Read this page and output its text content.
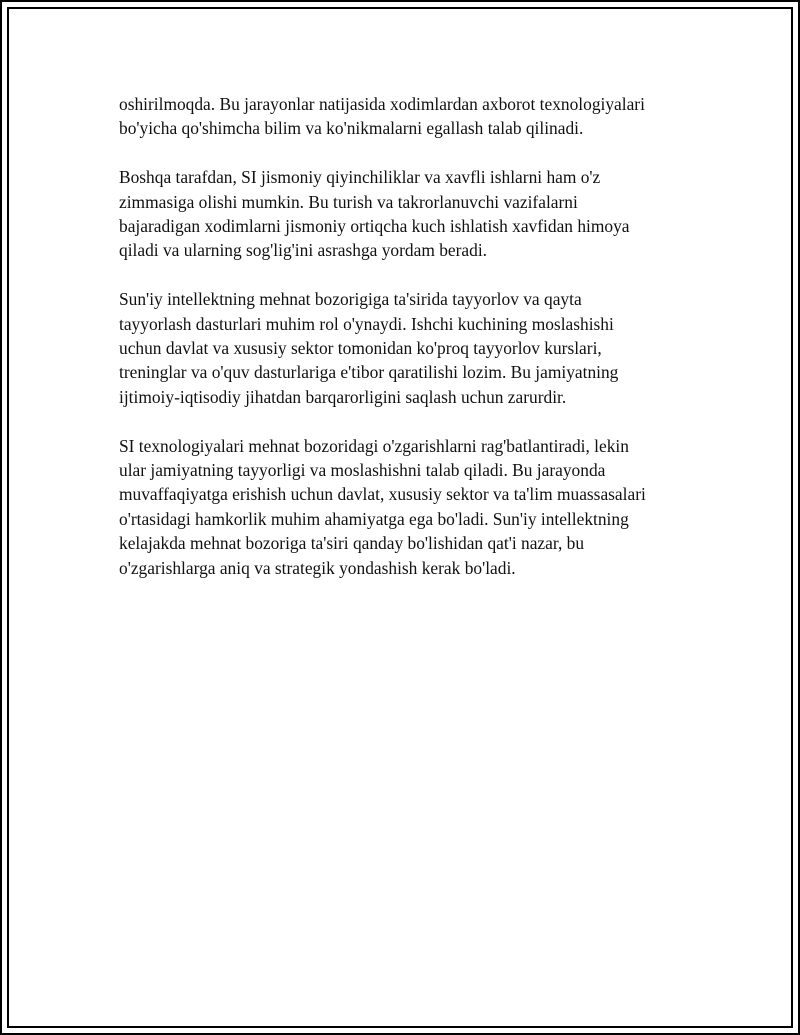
oshirilmoqda. Bu jarayonlar natijasida xodimlardan axborot texnologiyalari
bo'yicha qo'shimcha bilim va ko'nikmalarni egallash talab qilinadi.

Boshqa tarafdan, SI jismoniy qiyinchiliklar va xavfli ishlarni ham o'z
zimmasiga olishi mumkin. Bu turish va takrorlanuvchi vazifalarni
bajaradigan xodimlarni jismoniy ortiqcha kuch ishlatish xavfidan himoya
qiladi va ularning sog'lig'ini asrashga yordam beradi.

Sun'iy intellektning mehnat bozorigiga ta'sirida tayyorlov va qayta
tayyorlash dasturlari muhim rol o'ynaydi. Ishchi kuchining moslashishi
uchun davlat va xususiy sektor tomonidan ko'proq tayyorlov kurslari,
treninglar va o'quv dasturlariga e'tibor qaratilishi lozim. Bu jamiyatning
ijtimoiy-iqtisodiy jihatdan barqarorligini saqlash uchun zarurdir.

SI texnologiyalari mehnat bozoridagi o'zgarishlarni rag'batlantiradi, lekin
ular jamiyatning tayyorligi va moslashishni talab qiladi. Bu jarayonda
muvaffaqiyatga erishish uchun davlat, xususiy sektor va ta'lim muassasalari
o'rtasidagi hamkorlik muhim ahamiyatga ega bo'ladi. Sun'iy intellektning
kelajakda mehnat bozoriga ta'siri qanday bo'lishidan qat'i nazar, bu
o'zgarishlarga aniq va strategik yondashish kerak bo'ladi.
